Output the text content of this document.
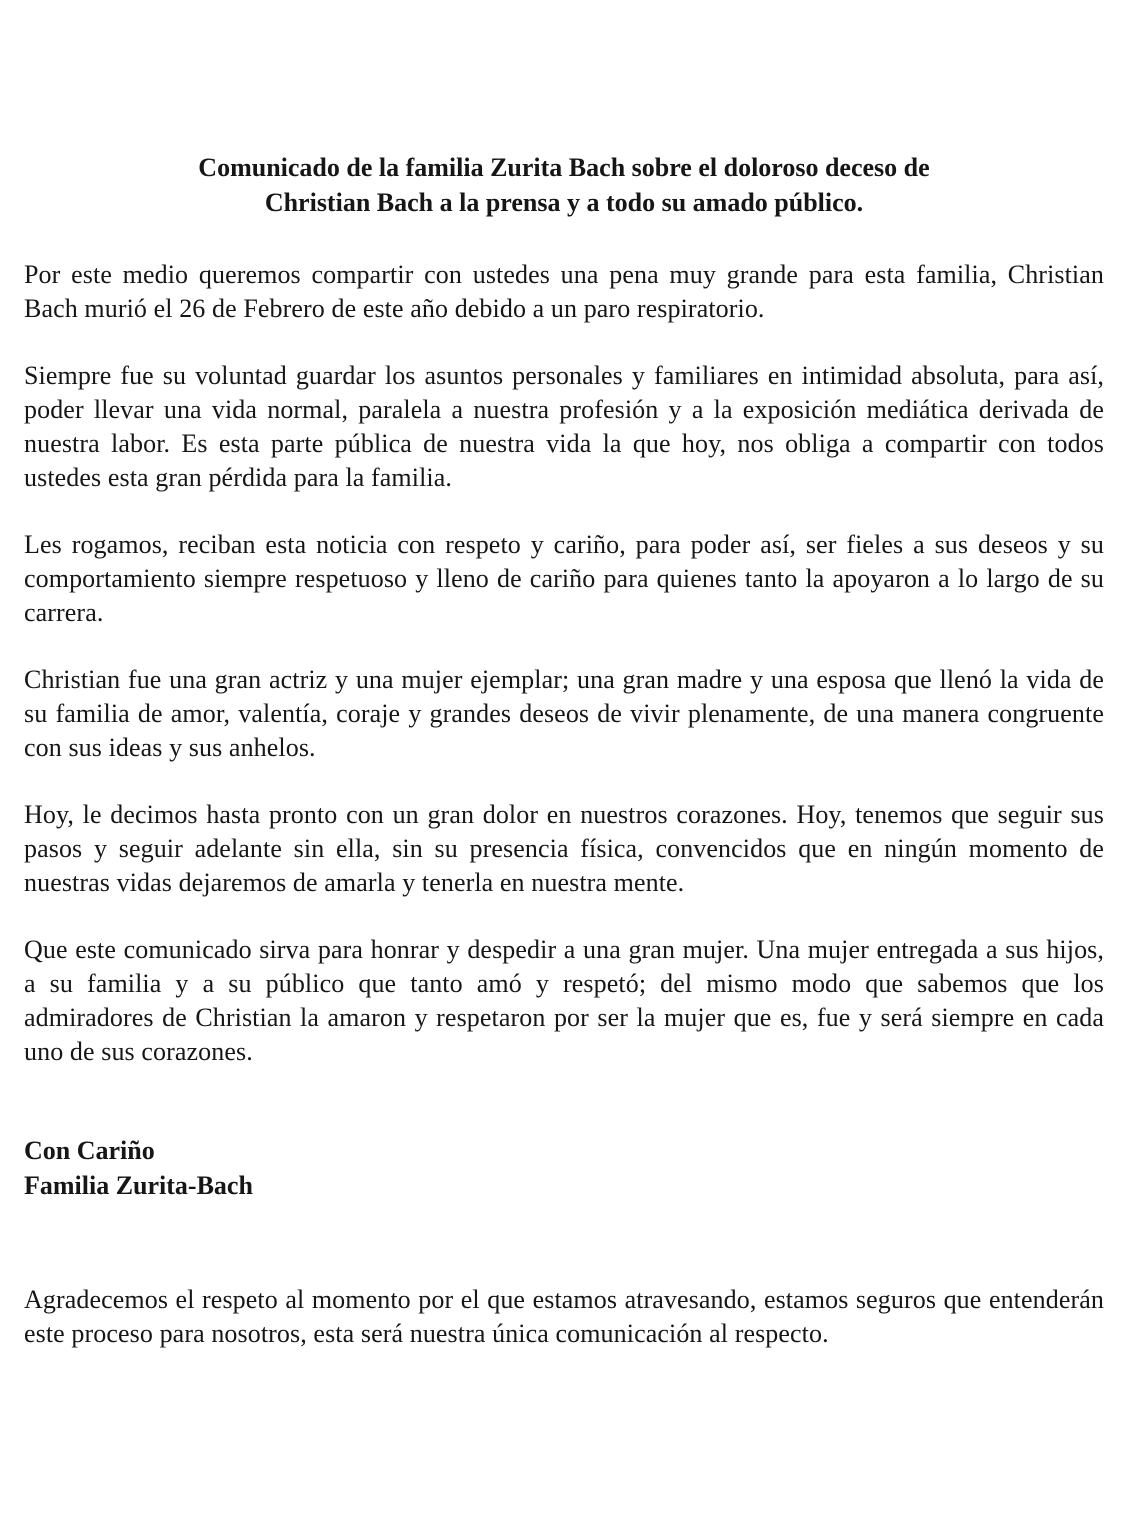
Comunicado de la familia Zurita Bach sobre el doloroso deceso de
Christian Bach a la prensa y a todo su amado público.

Por este medio queremos compartir con ustedes una pena muy grande para esta familia, Christian Bach murió el 26 de Febrero de este año debido a un paro respiratorio.

Siempre fue su voluntad guardar los asuntos personales y familiares en intimidad absoluta, para así, poder llevar una vida normal, paralela a nuestra profesión y a la exposición mediática derivada de nuestra labor. Es esta parte pública de nuestra vida la que hoy, nos obliga a compartir con todos ustedes esta gran pérdida para la familia.

Les rogamos, reciban esta noticia con respeto y cariño, para poder así, ser fieles a sus deseos y su comportamiento siempre respetuoso y lleno de cariño para quienes tanto la apoyaron a lo largo de su carrera.

Christian fue una gran actriz y una mujer ejemplar; una gran madre y una esposa que llenó la vida de su familia de amor, valentía, coraje y grandes deseos de vivir plenamente, de una manera congruente con sus ideas y sus anhelos.

Hoy, le decimos hasta pronto con un gran dolor en nuestros corazones. Hoy, tenemos que seguir sus pasos y seguir adelante sin ella, sin su presencia física, convencidos que en ningún momento de nuestras vidas dejaremos de amarla y tenerla en nuestra mente.

Que este comunicado sirva para honrar y despedir a una gran mujer. Una mujer entregada a sus hijos, a su familia y a su público que tanto amó y respetó; del mismo modo que sabemos que los admiradores de Christian la amaron y respetaron por ser la mujer que es, fue y será siempre en cada uno de sus corazones.

Con Cariño
Familia Zurita-Bach

Agradecemos el respeto al momento por el que estamos atravesando, estamos seguros que entenderán este proceso para nosotros, esta será nuestra única comunicación al respecto.
